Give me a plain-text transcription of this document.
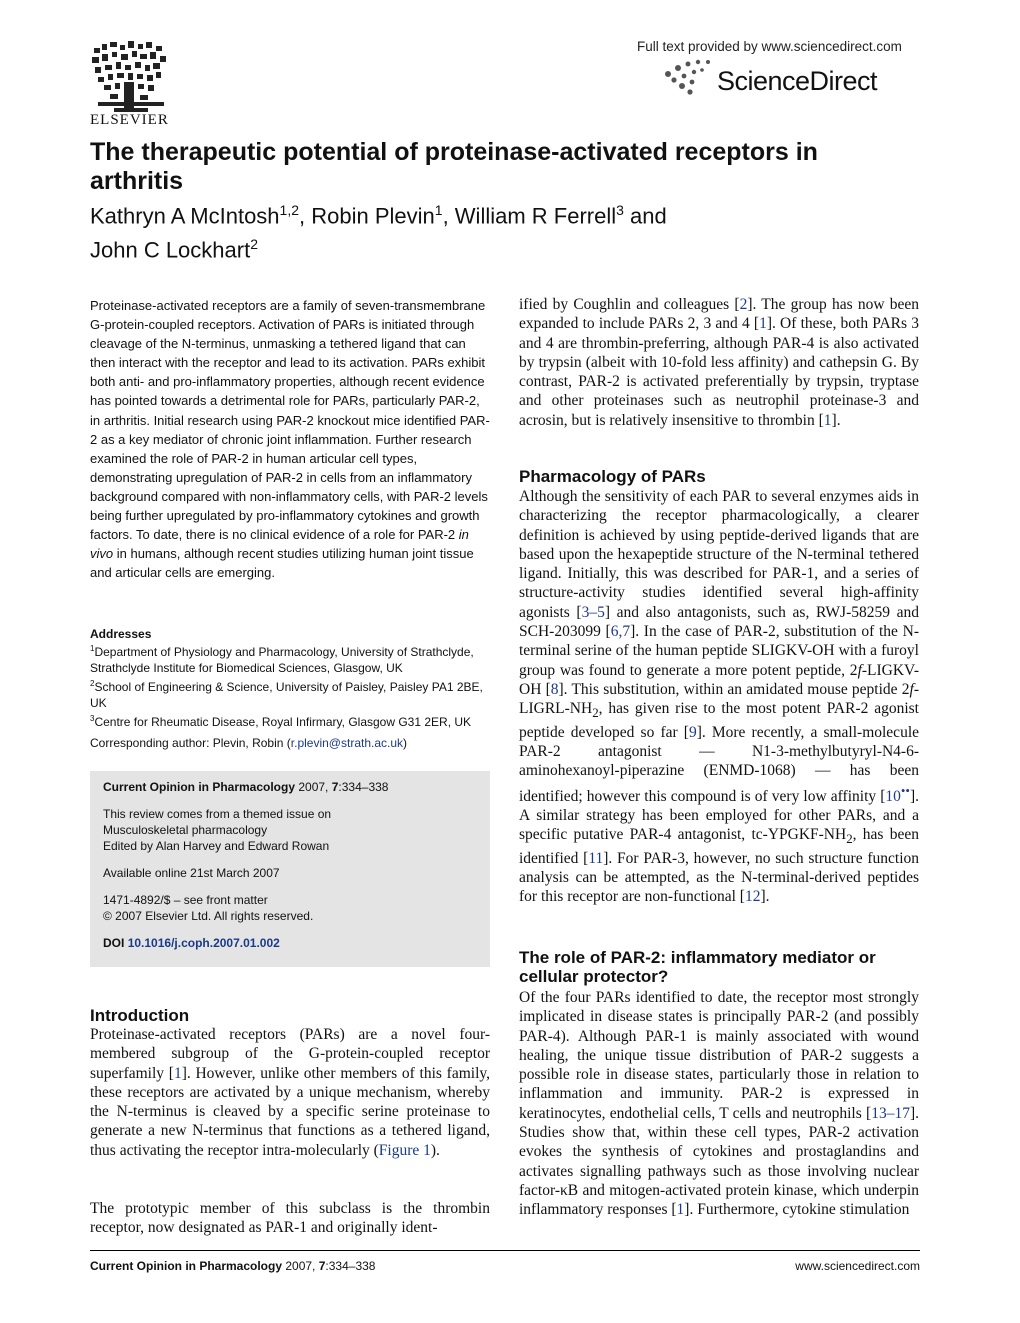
ELSEVIER
Full text provided by www.sciencedirect.com
ScienceDirect
The therapeutic potential of proteinase-activated receptors in arthritis
Kathryn A McIntosh$^{1,2}$, Robin Plevin$^1$, William R Ferrell$^3$ and
John C Lockhart$^2$
Proteinase-activated receptors are a family of seven-transmembrane G-protein-coupled receptors. Activation of PARs is initiated through cleavage of the N-terminus, unmasking a tethered ligand that can then interact with the receptor and lead to its activation. PARs exhibit both anti- and pro-inflammatory properties, although recent evidence has pointed towards a detrimental role for PARs, particularly PAR-2, in arthritis. Initial research using PAR-2 knockout mice identified PAR-2 as a key mediator of chronic joint inflammation. Further research examined the role of PAR-2 in human articular cell types, demonstrating upregulation of PAR-2 in cells from an inflammatory background compared with non-inflammatory cells, with PAR-2 levels being further upregulated by pro-inflammatory cytokines and growth factors. To date, there is no clinical evidence of a role for PAR-2 in vivo in humans, although recent studies utilizing human joint tissue and articular cells are emerging.
Addresses
$^1$Department of Physiology and Pharmacology, University of Strathclyde, Strathclyde Institute for Biomedical Sciences, Glasgow, UK
$^2$School of Engineering & Science, University of Paisley, Paisley PA1 2BE, UK
$^3$Centre for Rheumatic Disease, Royal Infirmary, Glasgow G31 2ER, UK
Corresponding author: Plevin, Robin (r.plevin@strath.ac.uk)

Current Opinion in Pharmacology 2007, 7:334–338

This review comes from a themed issue on

Musculoskeletal pharmacology

Edited by Alan Harvey and Edward Rowan

Available online 21st March 2007

1471-4892/$ – see front matter

© 2007 Elsevier Ltd. All rights reserved.

DOI 10.1016/j.coph.2007.01.002

Introduction
Proteinase-activated receptors (PARs) are a novel four-membered subgroup of the G-protein-coupled receptor superfamily [1]. However, unlike other members of this family, these receptors are activated by a unique mechanism, whereby the N-terminus is cleaved by a specific serine proteinase to generate a new N-terminus that functions as a tethered ligand, thus activating the receptor intra-molecularly (Figure 1).
The prototypic member of this subclass is the thrombin receptor, now designated as PAR-1 and originally ident-
ified by Coughlin and colleagues [2]. The group has now been expanded to include PARs 2, 3 and 4 [1]. Of these, both PARs 3 and 4 are thrombin-preferring, although PAR-4 is also activated by trypsin (albeit with 10-fold less affinity) and cathepsin G. By contrast, PAR-2 is activated preferentially by trypsin, tryptase and other proteinases such as neutrophil proteinase-3 and acrosin, but is relatively insensitive to thrombin [1].
Pharmacology of PARs
Although the sensitivity of each PAR to several enzymes aids in characterizing the receptor pharmacologically, a clearer definition is achieved by using peptide-derived ligands that are based upon the hexapeptide structure of the N-terminal tethered ligand. Initially, this was described for PAR-1, and a series of structure-activity studies identified several high-affinity agonists [3–5] and also antagonists, such as, RWJ-58259 and SCH-203099 [6,7]. In the case of PAR-2, substitution of the N-terminal serine of the human peptide SLIGKV-OH with a furoyl group was found to generate a more potent peptide, 2f-LIGKV-OH [8]. This substitution, within an amidated mouse peptide $2f-LIGRL-NH_2$, has given rise to the most potent PAR-2 agonist peptide developed so far [9]. More recently, a small-molecule PAR-2 antagonist — N1-3-methylbutyryl-N4-6-aminohexanoyl-piperazine (ENMD-1068) — has been identified; however this compound is of very low affinity [10••]. A similar strategy has been employed for other PARs, and a specific putative PAR-4 antagonist, $tc-YPGKF-NH_2$, has been identified [11]. For PAR-3, however, no such structure function analysis can be attempted, as the N-terminal-derived peptides for this receptor are non-functional [12].
The role of PAR-2: inflammatory mediator or cellular protector?
Of the four PARs identified to date, the receptor most strongly implicated in disease states is principally PAR-2 (and possibly PAR-4). Although PAR-1 is mainly associated with wound healing, the unique tissue distribution of PAR-2 suggests a possible role in disease states, particularly those in relation to inflammation and immunity. PAR-2 is expressed in keratinocytes, endothelial cells, T cells and neutrophils [13–17]. Studies show that, within these cell types, PAR-2 activation evokes the synthesis of cytokines and prostaglandins and activates signalling pathways such as those involving nuclear factor-κB and mitogen-activated protein kinase, which underpin inflammatory responses [1]. Furthermore, cytokine stimulation
Current Opinion in Pharmacology 2007, 7:334–338	www.sciencedirect.com
